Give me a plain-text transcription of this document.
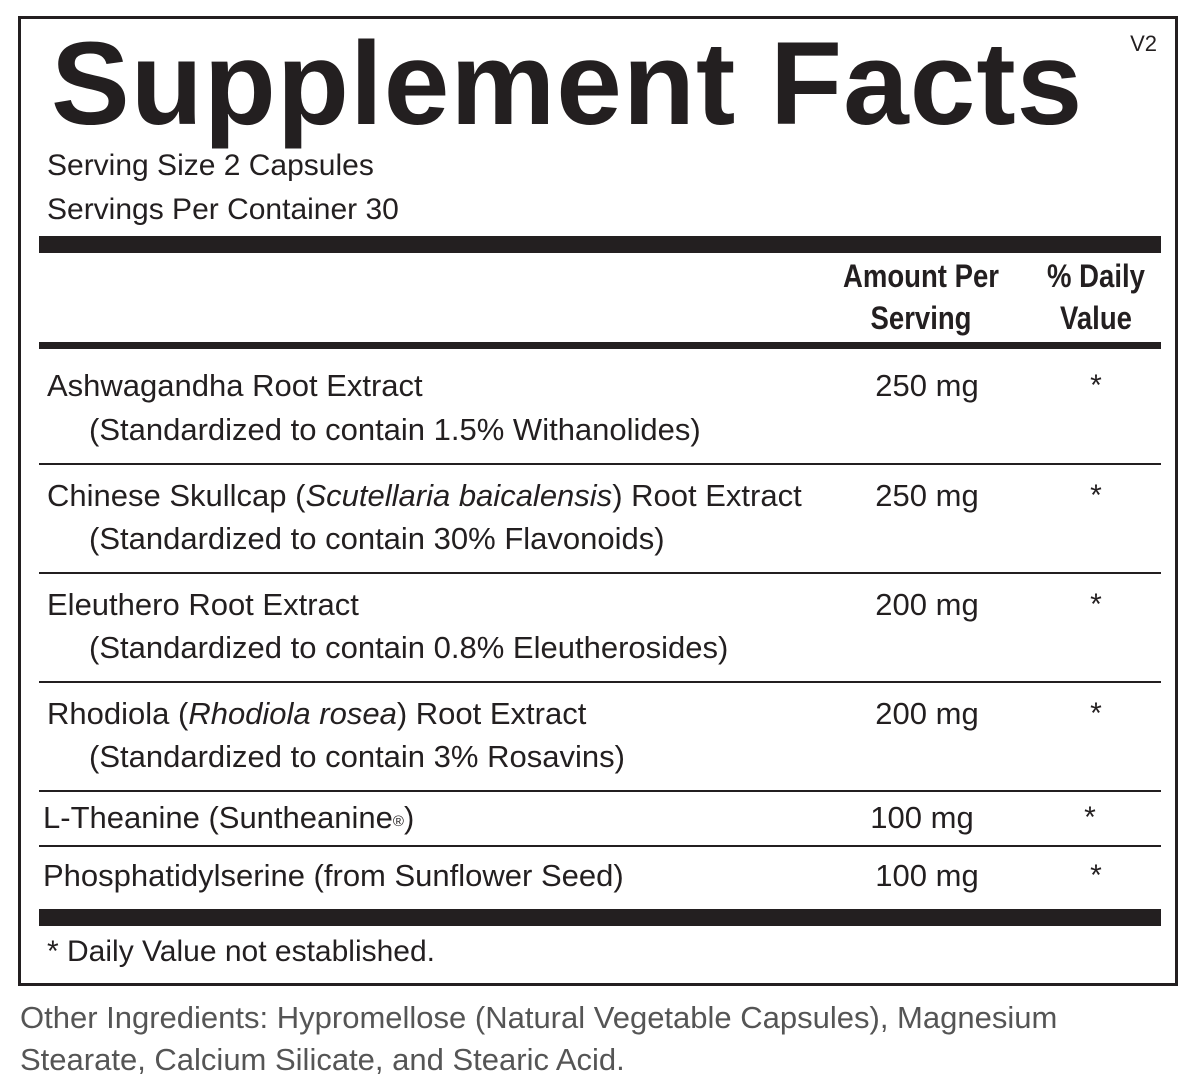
Supplement Facts V2
Serving Size 2 Capsules
Servings Per Container 30
Amount Per
Serving
% Daily
Value
Ashwagandha Root Extract
(Standardized to contain 1.5% Withanolides)
250 mg	*
Chinese Skullcap (Scutellaria baicalensis) Root Extract
(Standardized to contain 30% Flavonoids)
250 mg	*
Eleuthero Root Extract
(Standardized to contain 0.8% Eleutherosides)
200 mg	*
Rhodiola (Rhodiola rosea) Root Extract
(Standardized to contain 3% Rosavins)
200 mg	*
L-Theanine (Suntheanine®)	100 mg	*
Phosphatidylserine (from Sunflower Seed)	100 mg	*
* Daily Value not established.
Other Ingredients: Hypromellose (Natural Vegetable Capsules), Magnesium Stearate, Calcium Silicate, and Stearic Acid.
